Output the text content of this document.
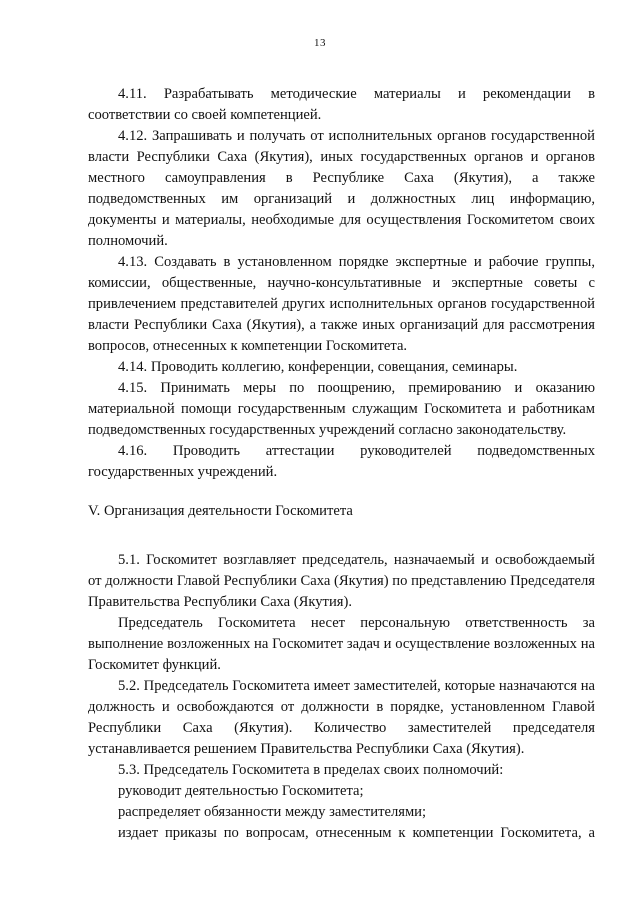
13

4.11. Разрабатывать методические материалы и рекомендации в соответствии со своей компетенцией.

4.12. Запрашивать и получать от исполнительных органов государственной власти Республики Саха (Якутия), иных государственных органов и органов местного самоуправления в Республике Саха (Якутия), а также подведомственных им организаций и должностных лиц информацию, документы и материалы, необходимые для осуществления Госкомитетом своих полномочий.

4.13. Создавать в установленном порядке экспертные и рабочие группы, комиссии, общественные, научно-консультативные и экспертные советы с привлечением представителей других исполнительных органов государственной власти Республики Саха (Якутия), а также иных организаций для рассмотрения вопросов, отнесенных к компетенции Госкомитета.

4.14. Проводить коллегию, конференции, совещания, семинары.

4.15. Принимать меры по поощрению, премированию и оказанию материальной помощи государственным служащим Госкомитета и работникам подведомственных государственных учреждений согласно законодательству.

4.16. Проводить аттестации руководителей подведомственных государственных учреждений.

V. Организация деятельности Госкомитета

5.1. Госкомитет возглавляет председатель, назначаемый и освобождаемый от должности Главой Республики Саха (Якутия) по представлению Председателя Правительства Республики Саха (Якутия).

Председатель Госкомитета несет персональную ответственность за выполнение возложенных на Госкомитет задач и осуществление возложенных на Госкомитет функций.

5.2. Председатель Госкомитета имеет заместителей, которые назначаются на должность и освобождаются от должности в порядке, установленном Главой Республики Саха (Якутия). Количество заместителей председателя устанавливается решением Правительства Республики Саха (Якутия).

5.3. Председатель Госкомитета в пределах своих полномочий:

руководит деятельностью Госкомитета;

распределяет обязанности между заместителями;

издает приказы по вопросам, отнесенным к компетенции Госкомитета, а
